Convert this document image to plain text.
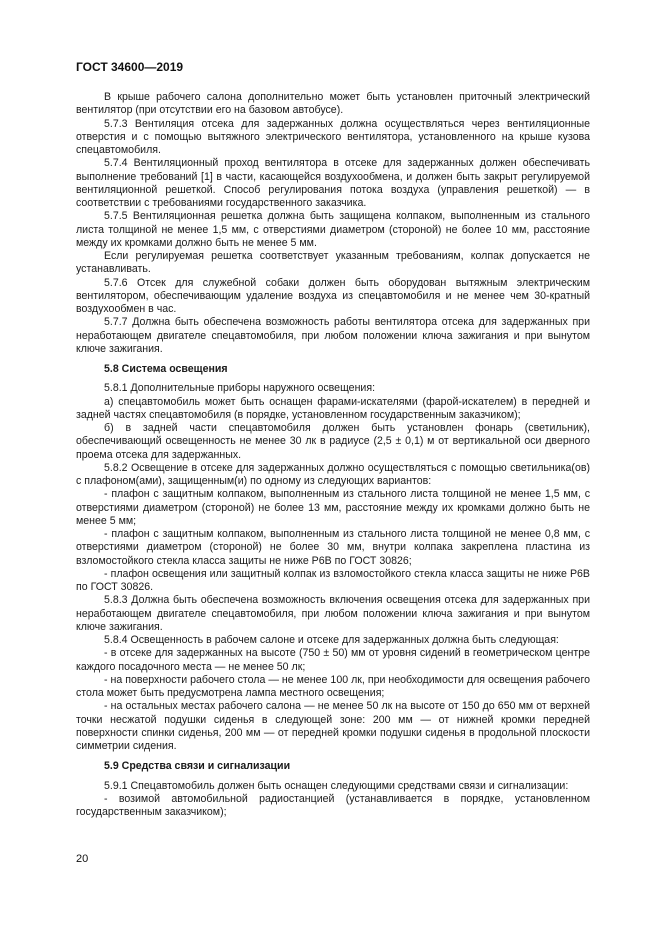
ГОСТ 34600—2019

В крыше рабочего салона дополнительно может быть установлен приточный электрический вентилятор (при отсутствии его на базовом автобусе).

5.7.3 Вентиляция отсека для задержанных должна осуществляться через вентиляционные отверстия и с помощью вытяжного электрического вентилятора, установленного на крыше кузова спецавтомобиля.

5.7.4 Вентиляционный проход вентилятора в отсеке для задержанных должен обеспечивать выполнение требований [1] в части, касающейся воздухообмена, и должен быть закрыт регулируемой вентиляционной решеткой. Способ регулирования потока воздуха (управления решеткой) — в соответствии с требованиями государственного заказчика.

5.7.5 Вентиляционная решетка должна быть защищена колпаком, выполненным из стального листа толщиной не менее 1,5 мм, с отверстиями диаметром (стороной) не более 10 мм, расстояние между их кромками должно быть не менее 5 мм.

Если регулируемая решетка соответствует указанным требованиям, колпак допускается не устанавливать.

5.7.6 Отсек для служебной собаки должен быть оборудован вытяжным электрическим вентилятором, обеспечивающим удаление воздуха из спецавтомобиля и не менее чем 30-кратный воздухообмен в час.

5.7.7 Должна быть обеспечена возможность работы вентилятора отсека для задержанных при неработающем двигателе спецавтомобиля, при любом положении ключа зажигания и при вынутом ключе зажигания.

5.8 Система освещения

5.8.1 Дополнительные приборы наружного освещения:

а) спецавтомобиль может быть оснащен фарами-искателями (фарой-искателем) в передней и задней частях спецавтомобиля (в порядке, установленном государственным заказчиком);

б) в задней части спецавтомобиля должен быть установлен фонарь (светильник), обеспечивающий освещенность не менее 30 лк в радиусе (2,5 ± 0,1) м от вертикальной оси дверного проема отсека для задержанных.

5.8.2 Освещение в отсеке для задержанных должно осуществляться с помощью светильника(ов) с плафоном(ами), защищенным(и) по одному из следующих вариантов:

- плафон с защитным колпаком, выполненным из стального листа толщиной не менее 1,5 мм, с отверстиями диаметром (стороной) не более 13 мм, расстояние между их кромками должно быть не менее 5 мм;

- плафон с защитным колпаком, выполненным из стального листа толщиной не менее 0,8 мм, с отверстиями диаметром (стороной) не более 30 мм, внутри колпака закреплена пластина из взломостойкого стекла класса защиты не ниже Р6В по ГОСТ 30826;

- плафон освещения или защитный колпак из взломостойкого стекла класса защиты не ниже Р6В по ГОСТ 30826.

5.8.3 Должна быть обеспечена возможность включения освещения отсека для задержанных при неработающем двигателе спецавтомобиля, при любом положении ключа зажигания и при вынутом ключе зажигания.

5.8.4 Освещенность в рабочем салоне и отсеке для задержанных должна быть следующая:

- в отсеке для задержанных на высоте (750 ± 50) мм от уровня сидений в геометрическом центре каждого посадочного места — не менее 50 лк;

- на поверхности рабочего стола — не менее 100 лк, при необходимости для освещения рабочего стола может быть предусмотрена лампа местного освещения;

- на остальных местах рабочего салона — не менее 50 лк на высоте от 150 до 650 мм от верхней точки несжатой подушки сиденья в следующей зоне: 200 мм — от нижней кромки передней поверхности спинки сиденья, 200 мм — от передней кромки подушки сиденья в продольной плоскости симметрии сидения.

5.9 Средства связи и сигнализации

5.9.1 Спецавтомобиль должен быть оснащен следующими средствами связи и сигнализации:

- возимой автомобильной радиостанцией (устанавливается в порядке, установленном государственным заказчиком);

20
